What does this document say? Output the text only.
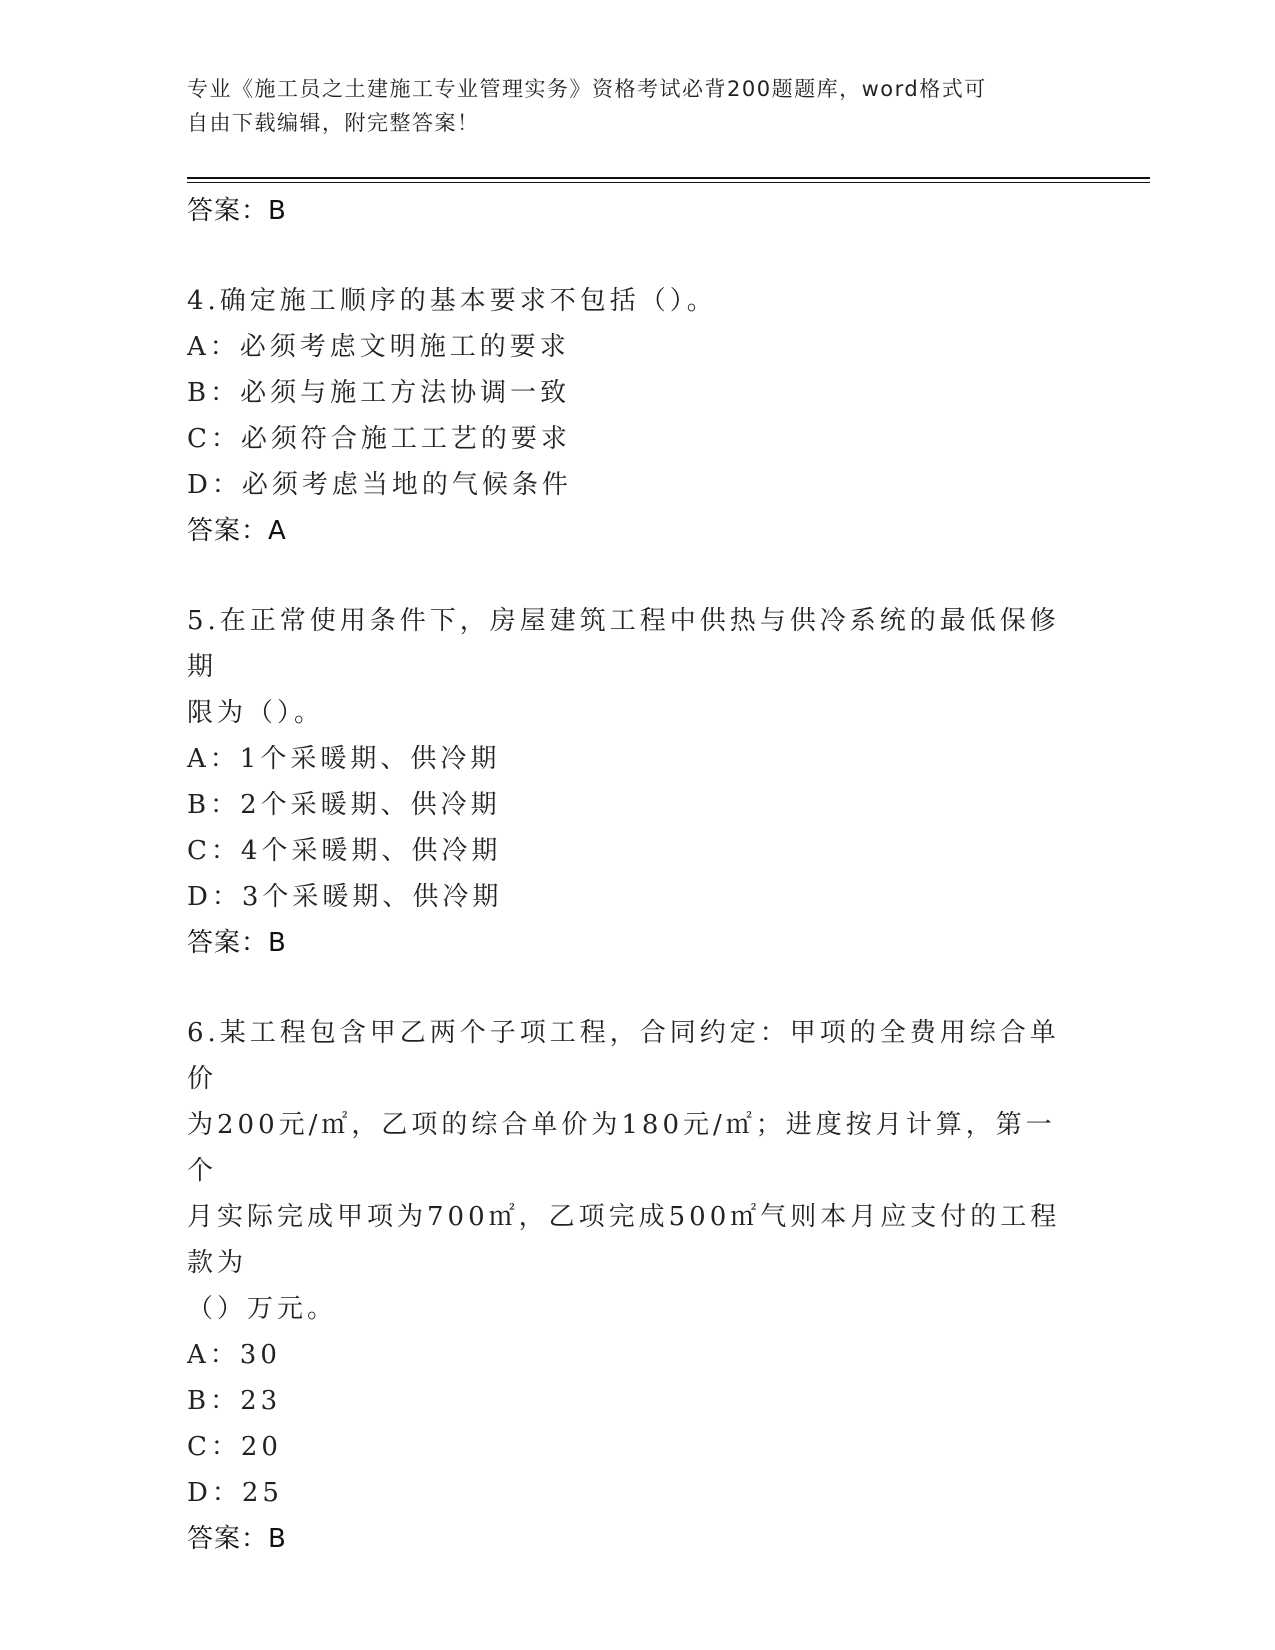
专业《施工员之土建施工专业管理实务》资格考试必背200题题库，word格式可
自由下载编辑，附完整答案！
答案：B
4.确定施工顺序的基本要求不包括（）。
A：必须考虑文明施工的要求
B：必须与施工方法协调一致
C：必须符合施工工艺的要求
D：必须考虑当地的气候条件
答案：A
5.在正常使用条件下，房屋建筑工程中供热与供冷系统的最低保修期
限为（）。
A：1个采暖期、供冷期
B：2个采暖期、供冷期
C：4个采暖期、供冷期
D：3个采暖期、供冷期
答案：B
6.某工程包含甲乙两个子项工程，合同约定：甲项的全费用综合单价
为200元/㎡，乙项的综合单价为180元/㎡；进度按月计算，第一个
月实际完成甲项为700㎡，乙项完成500㎡气则本月应支付的工程款为
（）万元。
A：30
B：23
C：20
D：25
答案：B
